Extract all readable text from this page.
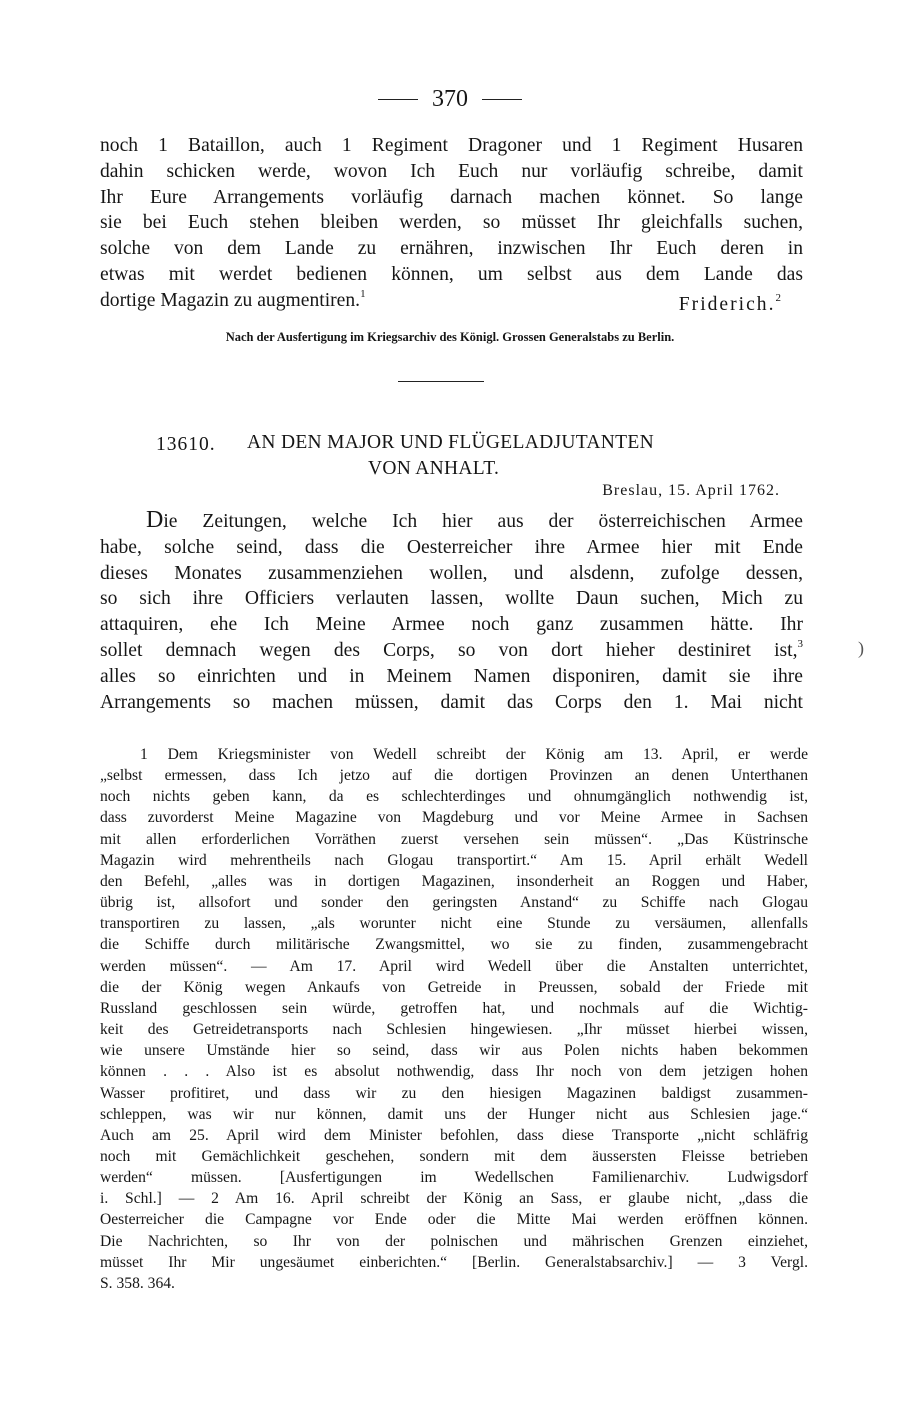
370
noch 1 Bataillon, auch 1 Regiment Dragoner und 1 Regiment Husaren
dahin schicken werde, wovon Ich Euch nur vorläufig schreibe, damit
Ihr Eure Arrangements vorläufig darnach machen könnet. So lange
sie bei Euch stehen bleiben werden, so müsset Ihr gleichfalls suchen,
solche von dem Lande zu ernähren, inzwischen Ihr Euch deren in
etwas mit werdet bedienen können, um selbst aus dem Lande das
dortige Magazin zu augmentiren.$^1$	Friderich.$^2$
Nach der Ausfertigung im Kriegsarchiv des Königl. Grossen Generalstabs zu Berlin.
13610. AN DEN MAJOR UND FLÜGELADJUTANTEN
VON ANHALT.
Breslau, 15. April 1762.
Die Zeitungen, welche Ich hier aus der österreichischen Armee
habe, solche seind, dass die Oesterreicher ihre Armee hier mit Ende
dieses Monates zusammenziehen wollen, und alsdenn, zufolge dessen,
so sich ihre Officiers verlauten lassen, wollte Daun suchen, Mich zu
attaquiren, ehe Ich Meine Armee noch ganz zusammen hätte. Ihr
sollet demnach wegen des Corps, so von dort hieher destiniret ist,$^3$
alles so einrichten und in Meinem Namen disponiren, damit sie ihre
Arrangements so machen müssen, damit das Corps den 1. Mai nicht
)
1 Dem Kriegsminister von Wedell schreibt der König am 13. April, er werde
„selbst ermessen, dass Ich jetzo auf die dortigen Provinzen an denen Unterthanen
noch nichts geben kann, da es schlechterdinges und ohnumgänglich nothwendig ist,
dass zuvorderst Meine Magazine von Magdeburg und vor Meine Armee in Sachsen
mit allen erforderlichen Vorräthen zuerst versehen sein müssen“. „Das Küstrinsche
Magazin wird mehrentheils nach Glogau transportirt.“ Am 15. April erhält Wedell
den Befehl, „alles was in dortigen Magazinen, insonderheit an Roggen und Haber,
übrig ist, allsofort und sonder den geringsten Anstand“ zu Schiffe nach Glogau
transportiren zu lassen, „als worunter nicht eine Stunde zu versäumen, allenfalls
die Schiffe durch militärische Zwangsmittel, wo sie zu finden, zusammengebracht
werden müssen“. — Am 17. April wird Wedell über die Anstalten unterrichtet,
die der König wegen Ankaufs von Getreide in Preussen, sobald der Friede mit
Russland geschlossen sein würde, getroffen hat, und nochmals auf die Wichtig-
keit des Getreidetransports nach Schlesien hingewiesen. „Ihr müsset hierbei wissen,
wie unsere Umstände hier so seind, dass wir aus Polen nichts haben bekommen
können . . . Also ist es absolut nothwendig, dass Ihr noch von dem jetzigen hohen
Wasser profitiret, und dass wir zu den hiesigen Magazinen baldigst zusammen-
schleppen, was wir nur können, damit uns der Hunger nicht aus Schlesien jage.“
Auch am 25. April wird dem Minister befohlen, dass diese Transporte „nicht schläfrig
noch mit Gemächlichkeit geschehen, sondern mit dem äussersten Fleisse betrieben
werden“ müssen. [Ausfertigungen im Wedellschen Familienarchiv. Ludwigsdorf
i. Schl.] — 2 Am 16. April schreibt der König an Sass, er glaube nicht, „dass die
Oesterreicher die Campagne vor Ende oder die Mitte Mai werden eröffnen können.
Die Nachrichten, so Ihr von der polnischen und mährischen Grenzen einziehet,
müsset Ihr Mir ungesäumet einberichten.“ [Berlin. Generalstabsarchiv.] — 3 Vergl.
S. 358. 364.
